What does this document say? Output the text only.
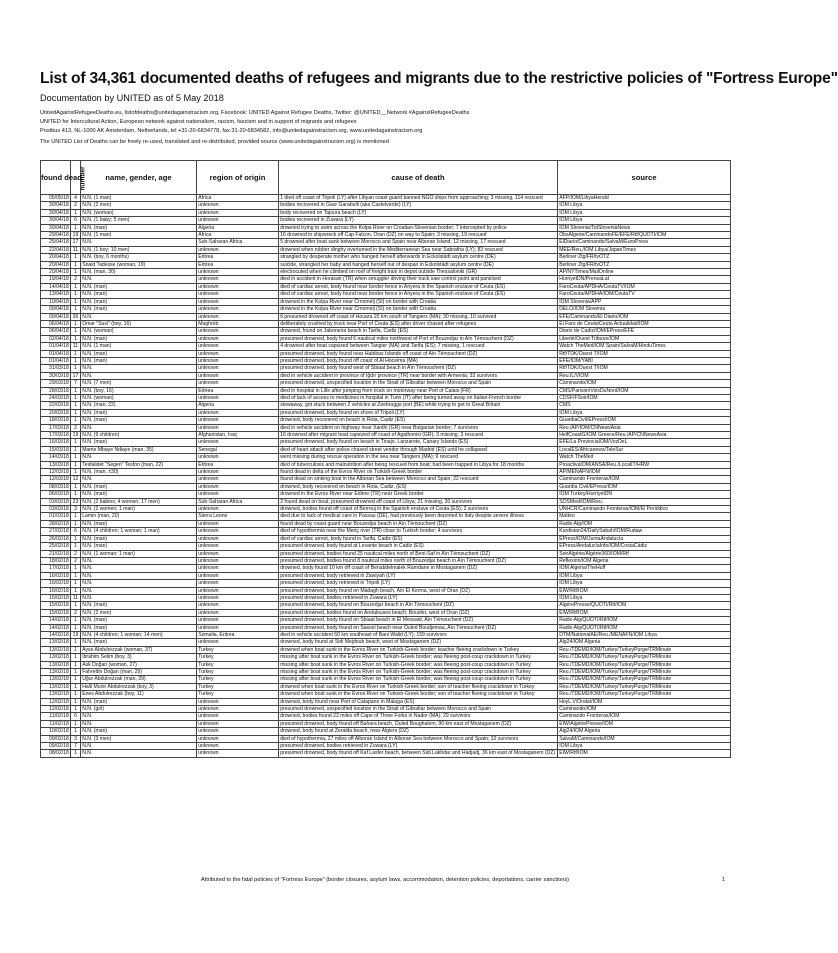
List of 34,361 documented deaths of refugees and migrants due to the restrictive policies of "Fortress Europe"
Documentation by UNITED as of 5 May 2018
UnitedAgainstRefugeeDeaths.eu, listofdeaths@unitedagainstracism.org, Facebook: UNITED Against Refugee Deaths, Twitter: @UNITED__Network #AgainstRefugeeDeaths
UNITED for Intercultural Action, European network against nationalism, racism, fascism and in support of migrants and refugees
Postbus 413, NL-1000 AK Amsterdam, Netherlands, tel +31-20-6834778, fax 31-20-6834582, info@unitedagainstracism.org, www.unitedagainstracism.org
The UNITED List of Deaths can be freely re-used, translated and re-distributed, provided source (www.unitedagainstracism.org) is mentioned
found dead	number	name, gender, age	region of origin	cause of death	source
05/05/18	4	N.N. (1 man)	Africa	1 died off coast of Tripoli (LY) after Libyan coast guard banned NGO ships from approaching; 3 missing, 114 rescued	AFP/IOM/LibyaHerald
30/04/18	2	N.N. (2 men)	unknown	bodies recovered in Gasr Garabulli (aka Castelverde) (LY)	IOM Libya
30/04/18	1	N.N. (woman)	unknown	body recovered on Tajoura beach (LY)	IOM Libya
30/04/18	6	N.N. (1 baby; 5 men)	unknown	bodies recovered in Zuwara (LY)	IOM Libya
30/04/18	1	N.N. (man)	Algeria	drowned trying to swim across the Kolpa River on Croatian-Slovenian border; 7 intercepted by police	IOM Slovenia/TotSloveniaNews
29/04/18	19	N.N. (1 man)	Africa	16 drowned in shipwreck off Cap Falcon, Oran (DZ) on way to Spain; 3 missing, 19 rescued	ObsAlgerie/CaminandoFE/EFE/Rtf/QUOTI/IOM
25/04/18	17	N.N.	Sub-Saharan Africa	5 drowned after boat sank between Morocco and Spain near Alboran Island; 12 missing, 17 rescued	ElDiario/Caminando/SalvaM/EuroPress
22/04/18	11	N.N. (1 boy; 10 men)	unknown	drowned when rubber dinghy overturned in the Mediterranean Sea near Sabratha (LY); 83 rescued	MEE/Reu./IOM Libya/JapanTimes
20/04/18	1	N.N. (boy, 6 months)	Eritrea	strangled by desperate mother who hanged herself afterwards in Eckolstädt asylum centre (DE)	Berliner Ztg/FR/tvOTZ
20/04/18	1	Snaid Tadesse (woman, 19)	Eritrea	suicide, strangled her baby and hanged herself out of despair in Eckolstädt asylum centre (DE)	Berliner Ztg/FR/tvOTZ
20/04/18	1	N.N. (man, 30)	unknown	electrocuted when he climbed on roof of freight train in depot outside Thessaloniki (GR)	AP/NYTimes/MailOnline
19/04/18	2	N.N.	unknown	died in accident in Horasan (TR) when smuggler driving their truck saw control point and panicked	HurriyetDN/PrensaLat
14/04/18	1	N.N. (man)	unknown	died of cardiac arrest, body found near border fence in Anyera in the Spanish enclave of Ceuta (ES)	FaroCeuta/APDHA/CeutaTV/IOM
13/04/18	1	N.N. (man)	unknown	died of cardiac arrest, body found near border fence in Anyera in the Spanish enclave of Ceuta (ES)	FaroCeuta/APDHA/IOM/CeutaTV
10/04/18	1	N.N. (man)	unknown	drowned in the Kolpa River near Črnomelj (SI) on border with Croatia	IOM Slovenia/APP
09/04/18	1	N.N. (man)	unknown	drowned in the Kolpa River near Črnomelj (SI) on border with Croatia	DELO/IOM Slovenia
09/04/18	36	N.N.	unknown	6 presumed drowned off coast of Houara 20 km south of Tangiers (MA); 30 missing, 10 survived	EFE/Caminando/El Diario/IOM
06/04/18	1	Omar "Susi" (boy, 16)	Maghreb	deliberately crushed by truck near Port of Ceuta (ES) after driver chased after refugees	El Faro de Ceuta/Ceuta Actualidad/IOM
06/04/18	1	N.N. (woman)	unknown	drowned, found on Jaboneria beach in Tarifa, Cadiz (ES)	Diario de Cadiz/IOM/EPress/EFE
02/04/18	1	N.N. (man)	unknown	presumed drowned, body found 6 nautical miles northwest of Port of Bouzedjar in Aïn Témouchent (DZ)	Liberté/Ouest Tribune/IOM
01/04/18	11	N.N. (1 man)	unknown	4 drowned after boat capsized between Tangier (MA) and Tarifa (ES); 7 missing, 1 rescued	Watch TheMed/IOM Spain/SalvaM/HinduTimes
01/04/18	1	N.N. (man)	unknown	presumed drowned, body found near Habibas Islands off coast of Aïn Témouchent (DZ)	Rtf/TDK/Ouest T/IOM
01/04/18	1	N.N. (man)	unknown	presumed drowned, body found off coast of Al Hoceima (MA)	EFE/IOM/YABI
31/03/18	1	N.N.	unknown	presumed drowned, body found west of Sbiaat beach in Aïn Témouchent (DZ)	Rtf/TDK/Ouest T/IOM
30/03/18	17	N.N.	unknown	died in vehicle accident in province of Iğdır province (TR) near border with Armenia; 33 survivors	Reu.IL/VIOM
29/03/18	7	N.N. (7 men)	unknown	presumed drowned, unspecified location in the Strait of Gibraltar between Morocco and Spain	Caminando/IOM
28/03/18	1	N.N. (boy, 16)	Eritrea	died in hospital in Lille after jumping from truck on motorway near Port of Calais (FR)	CMS/ParisienVoixDuNord/IOM
24/03/18	1	N.N. (woman)	unknown	died of lack of access to medicines in hospital in Turin (IT) after being turned away on Italian-French border	CDSF/FSoir/IOM
22/03/18	1	N.N. (man, 22)	Algeria	stowaway, got stuck between 2 vehicles at Zeebrugge port (BE) while trying to get to Great Britain	CMS
20/03/18	1	N.N. (man)	unknown	presumed drowned, body found on shore of Tripoli (LY)	IOM Libya
18/03/18	1	N.N. (man)	unknown	drowned, body recovered on beach in Rota, Cadiz (ES)	GuardiaCivil/EPress/IOM
17/03/18	2	N.N.	unknown	died in vehicle accident on highway near Xanthi (GR) near Bulgarian border; 7 survivors	Reu./AP/IOM/CNNewsAsia
17/03/18	19	N.N. (9 children)	Afghanistan, Iraq	16 drowned after migrant boat capsized off coast of Agathonisi (GR); 3 missing, 3 rescued	HelfCoastG/IOM Greece/Reu./AP/CNNewsAsia
16/03/18	1	N.N. (man)	unknown	presumed drowned, body found on beach in Tinajo, Lanzarote, Canary Islands (ES)	EFE/La ProvinciaIOM/VozDeL
15/03/18	1	Mame Mbaye Ndiaye (man, 35)	Senegal	died of heart attack after police chased street vendor through Madrid (ES) until he collapsed	LocalES/Africanews/TeleSur
14/03/18	1	N.N.	unknown	went missing during rescue operation in the sea near Tangiers (MA); 9 rescued	Watch TheMed
13/03/18	1	Tesfalidet "Segen" Tesfon (man, 22)	Eritrea	died of tuberculosis and malnutrition after being rescued from boat; had been trapped in Libya for 18 months	ProactivaIOM/ANSA/Reu./LocalIT/HRW
12/03/18	1	N.N. (man, ±30)	unknown	found dead in delta of the Evros River on Turkish-Greek border	AP/MENAFN/IOM
12/03/18	12	N.N.	unknown	found dead on sinking boat in the Alboran Sea between Morocco and Spain; 22 rescued	Caminando Fronteras/IOM
08/03/18	1	N.N. (man)	unknown	drowned, body recovered on beach in Rota, Cadiz, (ES)	Guardia Civil/EPress/IOM
06/03/18	1	N.N. (man)	unknown	drowned in the Evros River near Edirne (TR) near Greek border	IOM Turkey/HurriyetDN
03/03/18	23	N.N. (2 babies; 4 women; 17 men)	Sub-Saharan Africa	2 found dead on boat, presumed drowned off coast of Libya; 21 missing, 30 survivors	SOSMed/IOM/Reu.
03/03/18	3	N.N. (2 women; 1 man)	unknown	drowned, bodies found off coast of Berrouj in the Spanish enclave of Ceuta (ES); 2 survivors	UNHCR/Caminando Fronteras/IOM/El Periódico
01/03/18	1	Lamin (man, 20)	Sierra Leone	died due to lack of medical care in Passau (DE), had previously been deported to Italy despite severe illness	Matteo
28/02/18	1	N.N. (man)	unknown	found dead by coast guard near Bouzedjar beach in Aïn Témouchent (DZ)	Radio Alg/IOM
27/02/18	6	N.N. (4 children; 1 woman; 1 man)	unknown	died of hypothermia near the Meriç river (TR) close to Turkish border; 4 survivors	Kurdistan24/DailySabah/IOM/Rudaw
26/02/18	1	N.N. (man)	unknown	died of cardiac arrest, body found in Tarifa, Cadiz (ES)	EPress/IOM/JuntaAndalucía
25/02/18	1	N.N. (man)	unknown	presumed drowned, body found at Levante beach in Cadiz (ES)	EPress/AndalucíaInfo/IOM/CostaCádiz
21/02/18	2	N.N. (1 woman; 1 man)	unknown	presumed drowned, bodies found 25 nautical miles north of Beni-Saf in Aïn Témouchent (DZ)	SoirAlgérie/Algérie360/IOM/Rtf
18/02/18	2	N.N.	unknown	presumed drowned, bodies found 8 nautical miles north of Bouzedjar beach in Aïn Témouchent (DZ)	Reflexion/IOM Algeria
17/02/18	1	N.N.	unknown	drowned, body found 10 km off coast of Benabdelmalek Ramdane in Mostaganem (DZ)	IOM Algeria/TheHuff
16/02/18	1	N.N.	unknown	presumed drowned, body retrieved in Zawiyah (LY)	IOM Libya
16/02/18	1	N.N.	unknown	presumed drowned, body retrieved in Tripoli (LY)	IOM Libya
16/02/18	1	N.N.	unknown	presumed drowned, body found on Madagh beach, Aïn El Kerma, west of Oran (DZ)	EIW/Rtf/IOM
15/02/18	11	N.N.	unknown	presumed drowned, bodies retrieved in Zuwara (LY)	IOM Libya
15/02/18	1	N.N. (man)	unknown	presumed drowned, body found on Bouzedjar beach in Aïn Témouchent (DZ)	AlgérePresse/QUOTI/Rtf/IOM
15/02/18	2	N.N. (2 men)	unknown	presumed drowned, bodies found on Andalouses beach; Bousfer, west of Oran (DZ)	EIW/Rtf/IOM
14/02/18	1	N.N. (man)	unknown	presumed drowned, body found on Sbiaat beach in El Messaid, Aïn Témouchent (DZ)	Radio Alg/QUOTI/Rtf/IOM
14/02/18	1	N.N. (man)	unknown	presumed drowned, body found on Sassel beach near Ouled Boudjemaa, Aïn Témouchent (DZ)	Radio Alg/QUOTI/Rtf/IOM
14/02/18	19	N.N. (4 children; 1 woman; 14 men)	Somalia, Eritrea	died in vehicle accident 60 km southeast of Bani Walid (LY); 159 survivors	DTM/NationalAE/Reu./MENAFN/IOM Libya
13/02/18	1	N.N. (man)	unknown	drowned, body found at Sidi Mejdoub beach, west of Mostaganem (DZ)	Alg24/IOM Algeria
13/02/18	1	Ayse Abdulrezzak (woman, 37)	Turkey	drowned when boat sunk in the Evros River on Turkish-Greek border; teacher fleeing crackdown in Turkey	Reu./TDEMD/IOM/Turkey/TurkeyPurge/TRMinute
13/02/18	1	Ibrahim Selim (boy, 3)	Turkey	missing after boat sunk in the Evros River on Turkish-Greek border; was fleeing post-coup crackdown in Turkey	Reu./TDEMD/IOM/Turkey/TurkeyPurge/TRMinute
13/02/18	1	Ask Doğan (woman, 27)	Turkey	missing after boat sunk in the Evros River on Turkish-Greek border; was fleeing post-coup crackdown in Turkey	Reu./TDEMD/IOM/Turkey/TurkeyPurge/TRMinute
13/02/18	1	Fahrettin Doğan (man, 29)	Turkey	missing after boat sunk in the Evros River on Turkish-Greek border; was fleeing post-coup crackdown in Turkey	Reu./TDEMD/IOM/Turkey/TurkeyPurge/TRMinute
13/02/18	1	Uğur Abdulrezzak (man, 39)	Turkey	missing after boat sunk in the Evros River on Turkish-Greek border; was fleeing post-coup crackdown in Turkey	Reu./TDEMD/IOM/Turkey/TurkeyPurge/TRMinute
13/02/18	1	Halil Munir Abdulrezzak (boy, 3)	Turkey	drowned when boat sunk in the Evros River on Turkish-Greek border; son of teacher fleeing crackdown in Turkey	Reu./TDEMD/IOM/Turkey/TurkeyPurge/TRMinute
13/02/18	1	Enes Abdulrezzak (boy, 11)	Turkey	drowned when boat sunk in the Evros River on Turkish-Greek border; son of teacher fleeing crackdown in Turkey	Reu./TDEMD/IOM/Turkey/TurkeyPurge/TRMinute
12/02/18	1	N.N. (man)	unknown	drowned, body found near Port of Catapano in Malaga (ES)	HoyL.V/OndaI/IOM
12/02/18	1	N.N. (girl)	unknown	presumed drowned, unspecified location in the Strait of Gibraltar between Morocco and Spain	Caminando/IOM
11/02/18	6	N.N.	unknown	drowned, bodies found 22 miles off Cape of Three Forks in Nador (MA); 29 survivors	Caminando Fronteras/IOM
11/02/18	1	N.N.	unknown	presumed drowned, body found off Bahara beach, Ouled Boughalem, 90 km east of Mostaganem (DZ)	EIW/AlgériePresse/IOM
10/02/18	1	N.N. (man)	unknown	drowned, body found at Zeralda beach, near Algiers (DZ)	Alg24/IOM Algeria
09/02/18	3	N.N. (3 men)	unknown	died of hypothermia, 27 miles off Alboran Island in Alboran Sea between Morocco and Spain; 32 survivors	SalvaM/Caminando/IOM
09/02/18	7	N.N.	unknown	presumed drowned, bodies retrieved in Zuwara (LY)	IOM Libya
08/02/18	1	N.N.	unknown	presumed drowned, body found off Kaf Lasfer beach, between Sidi Lakhdar and Hadjadj, 36 km east of Mostaganem (DZ)	EIW/Rtf/IOM
Attributed to the fatal policies of "Fortress Europe" (border closures, asylum laws, accommodation, detention policies, deportations, carrier sanctions)	1
